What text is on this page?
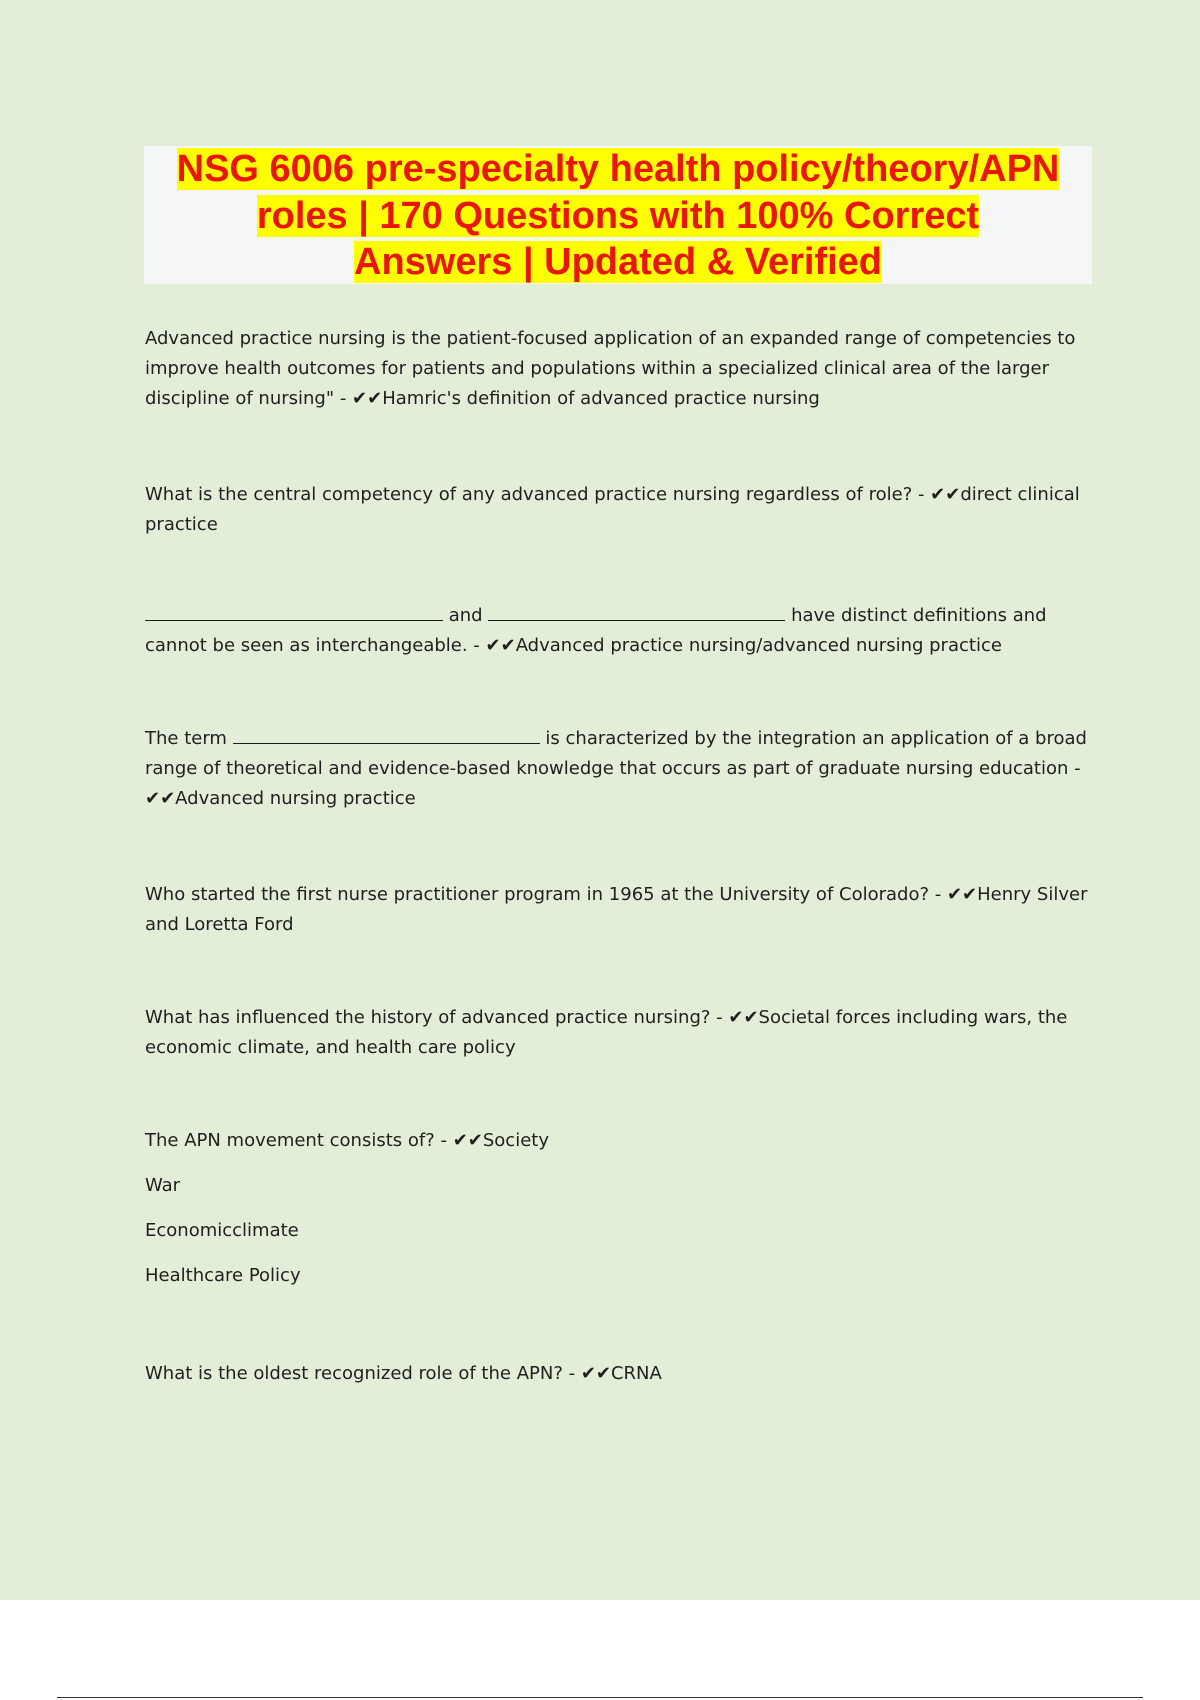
NSG 6006 pre-specialty health policy/theory/APN
roles | 170 Questions with 100% Correct
Answers | Updated & Verified

Advanced practice nursing is the patient-focused application of an expanded range of competencies to improve health outcomes for patients and populations within a specialized clinical area of the larger discipline of nursing" - ✔✔Hamric's definition of advanced practice nursing

What is the central competency of any advanced practice nursing regardless of role? - ✔✔direct clinical practice

and	have distinct definitions and cannot be seen as interchangeable. - ✔✔Advanced practice nursing/advanced nursing practice

The term	is characterized by the integration an application of a broad range of theoretical and evidence-based knowledge that occurs as part of graduate nursing education - ✔✔Advanced nursing practice

Who started the first nurse practitioner program in 1965 at the University of Colorado? - ✔✔Henry Silver and Loretta Ford

What has influenced the history of advanced practice nursing? - ✔✔Societal forces including wars, the economic climate, and health care policy

The APN movement consists of? - ✔✔Society

War

Economicclimate

Healthcare Policy

What is the oldest recognized role of the APN? - ✔✔CRNA
